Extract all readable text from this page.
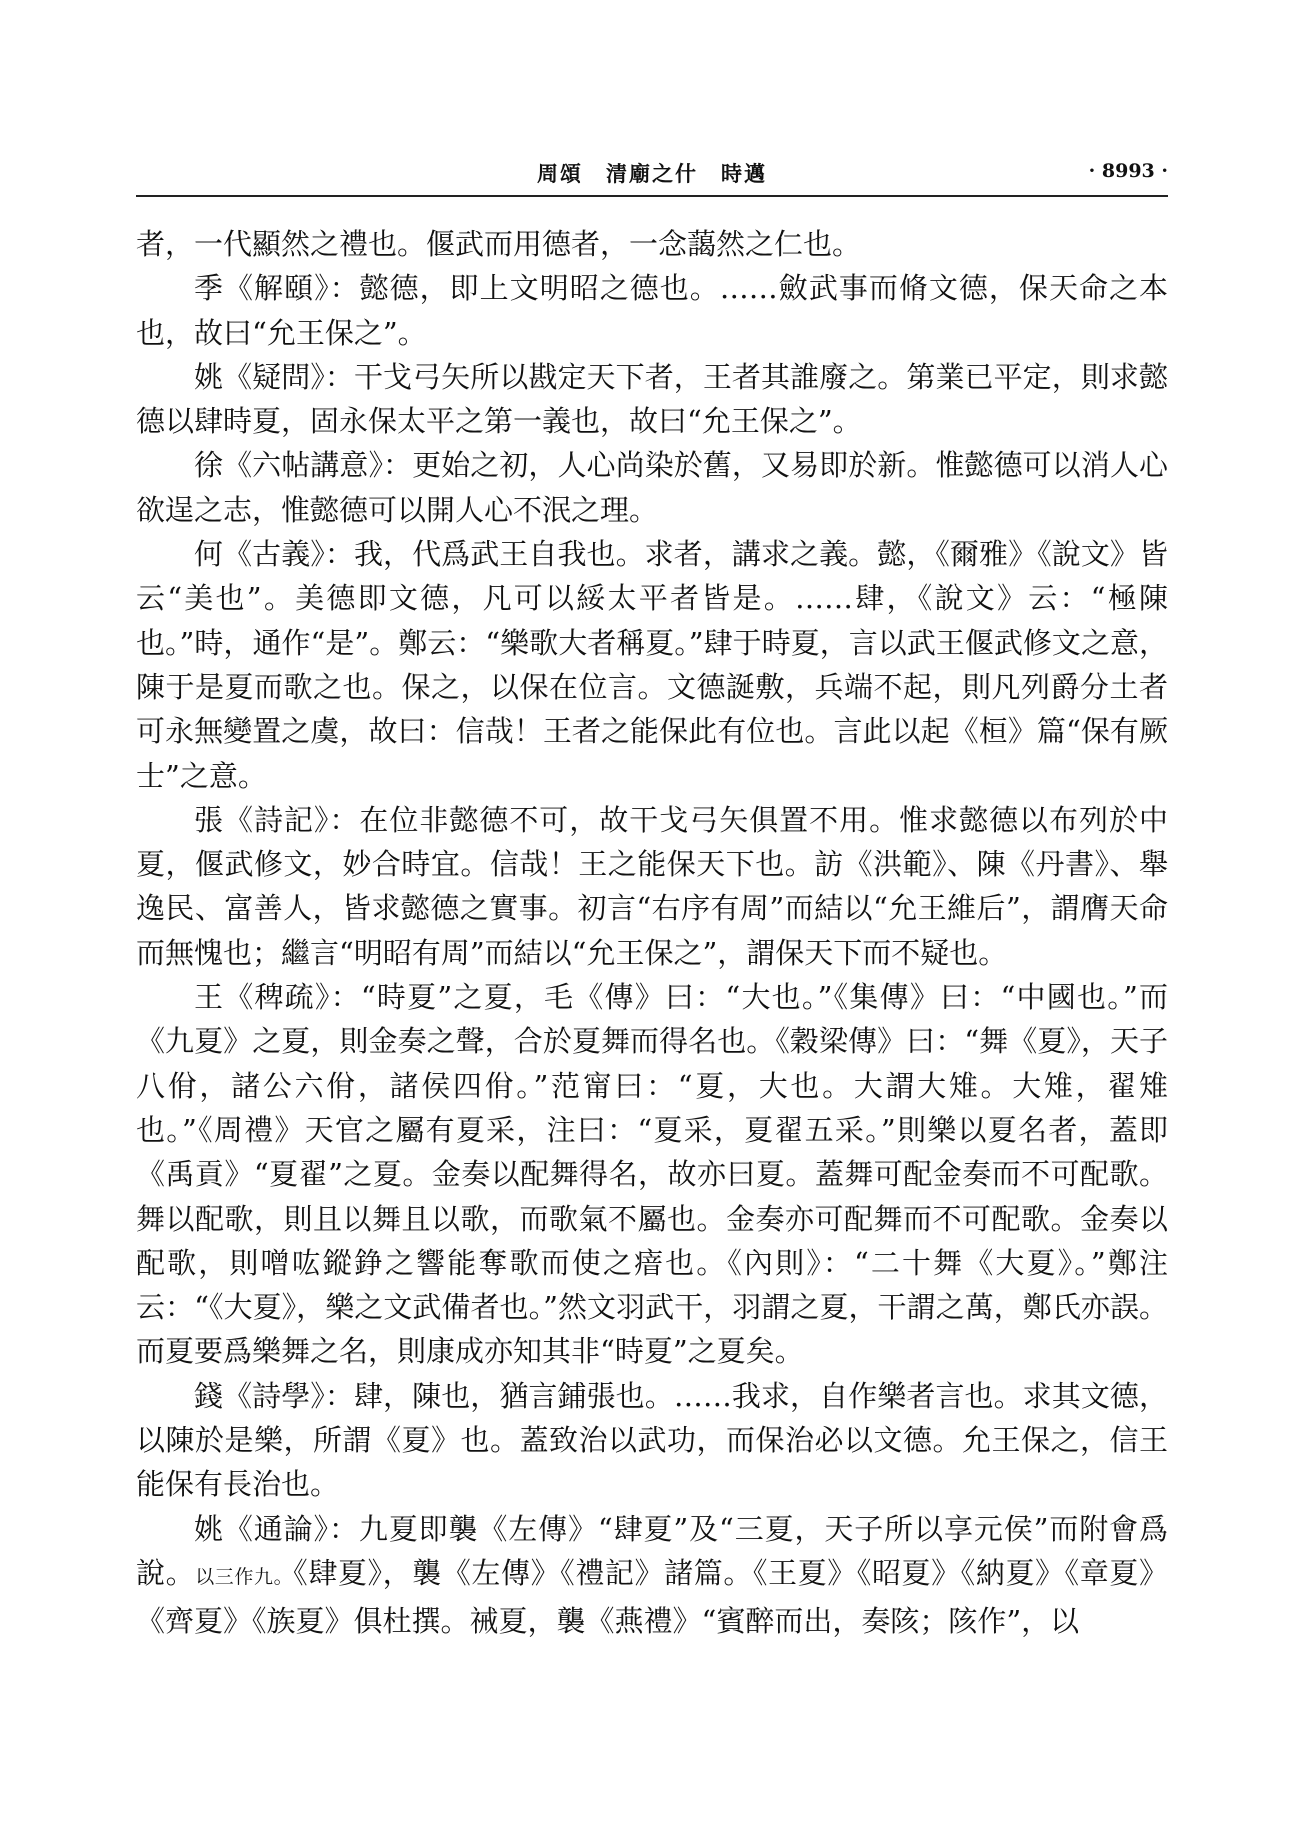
周頌　清廟之什　時邁	· 8993 ·

者，一代顯然之禮也。偃武而用德者，一念藹然之仁也。

季《解頤》：懿德，即上文明昭之德也。……斂武事而脩文德，保天命之本也，故曰“允王保之”。

姚《疑問》：干戈弓矢所以戡定天下者，王者其誰廢之。第業已平定，則求懿德以肆時夏，固永保太平之第一義也，故曰“允王保之”。

徐《六帖講意》：更始之初，人心尚染於舊，又易即於新。惟懿德可以消人心欲逞之志，惟懿德可以開人心不泯之理。

何《古義》：我，代爲武王自我也。求者，講求之義。懿，《爾雅》《說文》皆云“美也”。美德即文德，凡可以綏太平者皆是。……肆，《說文》云：“極陳也。”時，通作“是”。鄭云：“樂歌大者稱夏。”肆于時夏，言以武王偃武修文之意，陳于是夏而歌之也。保之，以保在位言。文德誕敷，兵端不起，則凡列爵分土者可永無變置之虞，故曰：信哉！王者之能保此有位也。言此以起《桓》篇“保有厥士”之意。

張《詩記》：在位非懿德不可，故干戈弓矢俱置不用。惟求懿德以布列於中夏，偃武修文，妙合時宜。信哉！王之能保天下也。訪《洪範》、陳《丹書》、舉逸民、富善人，皆求懿德之實事。初言“右序有周”而結以“允王維后”，謂膺天命而無愧也；繼言“明昭有周”而結以“允王保之”，謂保天下而不疑也。

王《稗疏》：“時夏”之夏，毛《傳》曰：“大也。”《集傳》曰：“中國也。”而《九夏》之夏，則金奏之聲，合於夏舞而得名也。《穀梁傳》曰：“舞《夏》，天子八佾，諸公六佾，諸侯四佾。”范甯曰：“夏，大也。大謂大雉。大雉，翟雉也。”《周禮》天官之屬有夏采，注曰：“夏采，夏翟五采。”則樂以夏名者，蓋即《禹貢》“夏翟”之夏。金奏以配舞得名，故亦曰夏。蓋舞可配金奏而不可配歌。舞以配歌，則且以舞且以歌，而歌氣不屬也。金奏亦可配舞而不可配歌。金奏以配歌，則噌吰鏦錚之響能奪歌而使之瘖也。《內則》：“二十舞《大夏》。”鄭注云：“《大夏》，樂之文武備者也。”然文羽武干，羽謂之夏，干謂之萬，鄭氏亦誤。而夏要爲樂舞之名，則康成亦知其非“時夏”之夏矣。

錢《詩學》：肆，陳也，猶言鋪張也。……我求，自作樂者言也。求其文德，以陳於是樂，所謂《夏》也。蓋致治以武功，而保治必以文德。允王保之，信王能保有長治也。

姚《通論》：九夏即襲《左傳》“肆夏”及“三夏，天子所以享元侯”而附會爲說。以三作九。《肆夏》，襲《左傳》《禮記》諸篇。《王夏》《昭夏》《納夏》《章夏》《齊夏》《族夏》俱杜撰。祴夏，襲《燕禮》“賓醉而出，奏陔；陔作”，以
